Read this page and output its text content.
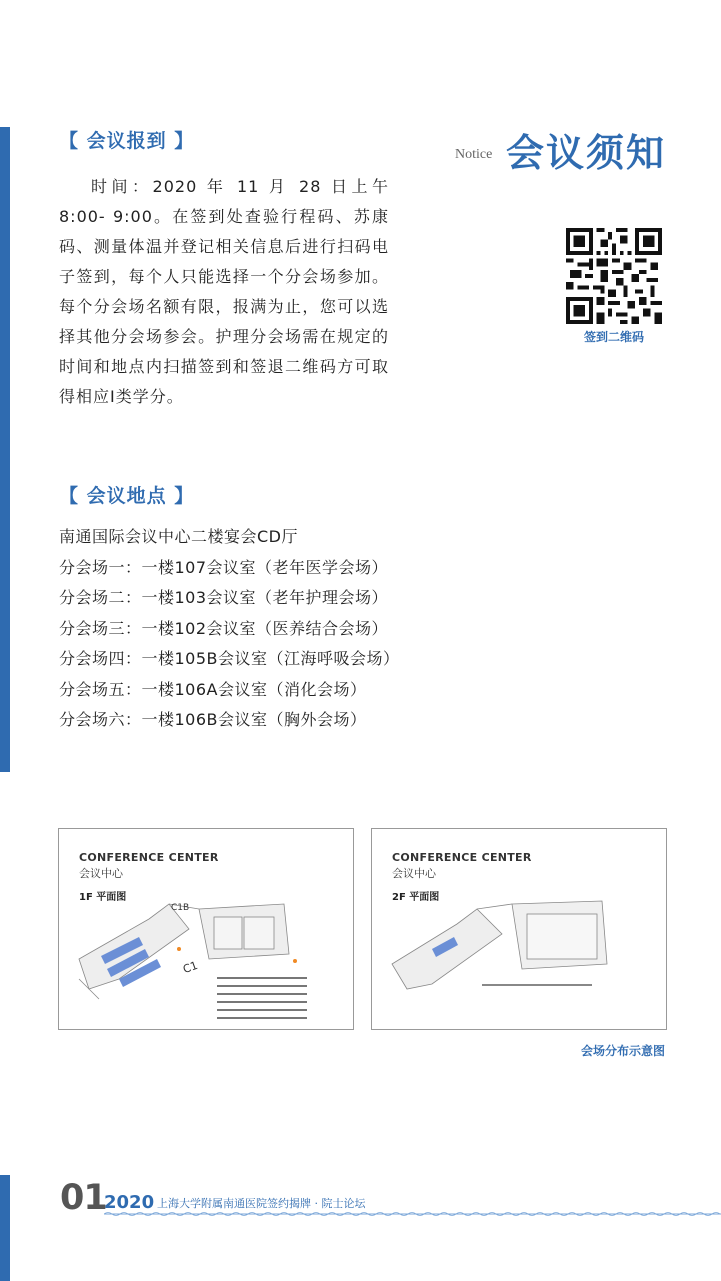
【 会议报到 】

时间：2020 年 11 月 28 日上午 8:00- 9:00。在签到处查验行程码、苏康码、测量体温并登记相关信息后进行扫码电子签到，每个人只能选择一个分会场参加。每个分会场名额有限，报满为止，您可以选择其他分会场参会。护理分会场需在规定的时间和地点内扫描签到和签退二维码方可取得相应Ⅰ类学分。

Notice 会议须知
签到二维码
【 会议地点 】
南通国际会议中心二楼宴会CD厅
分会场一：一楼107会议室（老年医学会场）
分会场二：一楼103会议室（老年护理会场）
分会场三：一楼102会议室（医养结合会场）
分会场四：一楼105B会议室（江海呼吸会场）
分会场五：一楼106A会议室（消化会场）
分会场六：一楼106B会议室（胸外会场）
CONFERENCE CENTER
会议中心
1F 平面图
C1B
C1
CONFERENCE CENTER
会议中心
2F 平面图
会场分布示意图
01
2020 上海大学附属南通医院签约揭牌 · 院士论坛
